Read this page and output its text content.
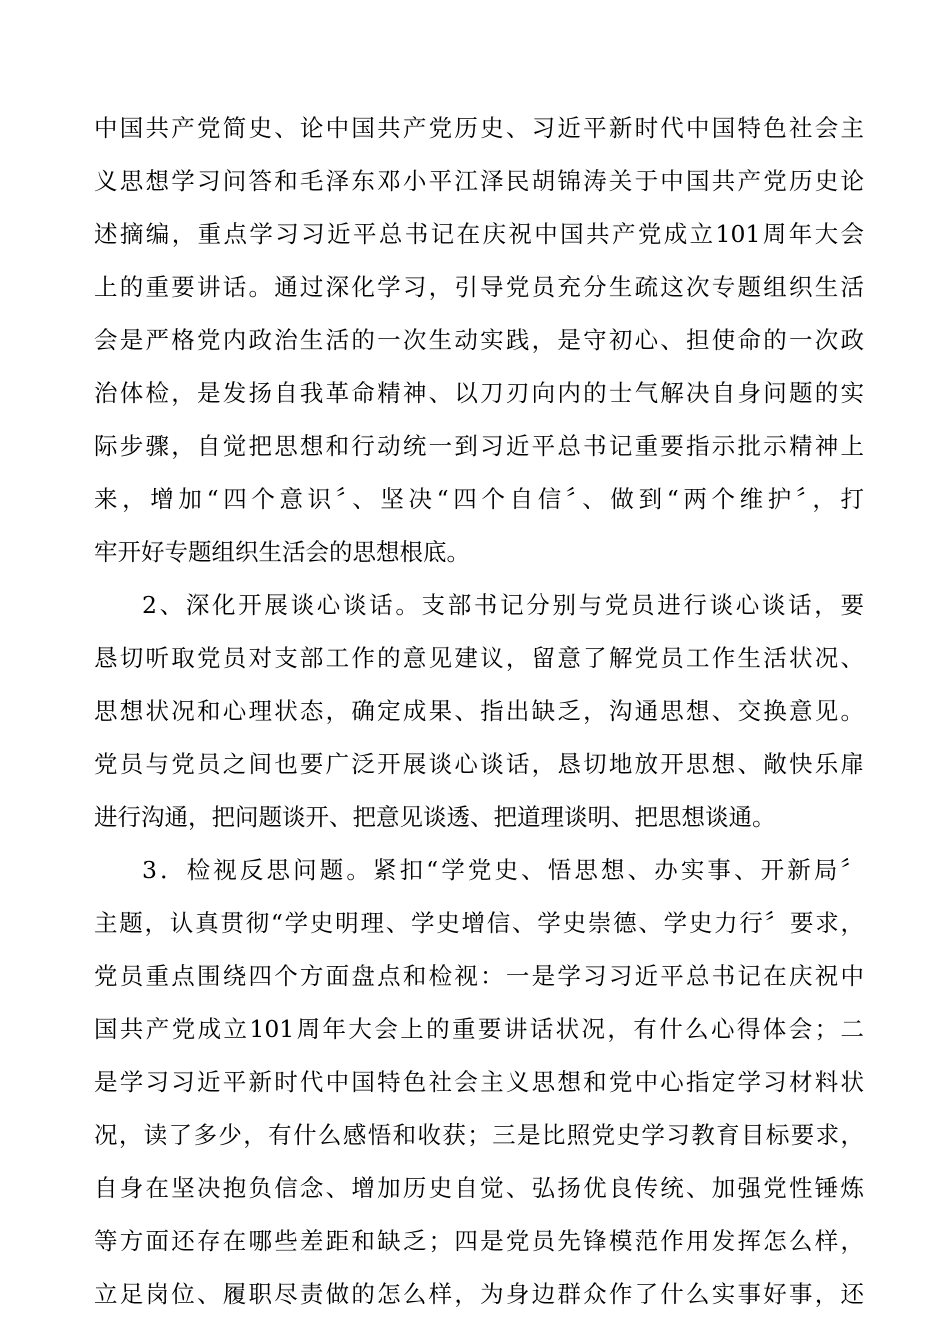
中国共产党简史、论中国共产党历史、习近平新时代中国特色社会主
义思想学习问答和毛泽东邓小平江泽民胡锦涛关于中国共产党历史论
述摘编，重点学习习近平总书记在庆祝中国共产党成立101周年大会
上的重要讲话。通过深化学习，引导党员充分生疏这次专题组织生活
会是严格党内政治生活的一次生动实践，是守初心、担使命的一次政
治体检，是发扬自我革命精神、以刀刃向内的士气解决自身问题的实
际步骤，自觉把思想和行动统一到习近平总书记重要指示批示精神上
来，增加“四个意识〞、坚决“四个自信〞、做到“两个维护〞，打
牢开好专题组织生活会的思想根底。
2、深化开展谈心谈话。支部书记分别与党员进行谈心谈话，要
恳切听取党员对支部工作的意见建议，留意了解党员工作生活状况、
思想状况和心理状态，确定成果、指出缺乏，沟通思想、交换意见。
党员与党员之间也要广泛开展谈心谈话，恳切地放开思想、敞快乐扉
进行沟通，把问题谈开、把意见谈透、把道理谈明、把思想谈通。
3．检视反思问题。紧扣“学党史、悟思想、办实事、开新局〞
主题，认真贯彻“学史明理、学史增信、学史崇德、学史力行〞要求，
党员重点围绕四个方面盘点和检视：一是学习习近平总书记在庆祝中
国共产党成立101周年大会上的重要讲话状况，有什么心得体会；二
是学习习近平新时代中国特色社会主义思想和党中心指定学习材料状
况，读了多少，有什么感悟和收获；三是比照党史学习教育目标要求，
自身在坚决抱负信念、增加历史自觉、弘扬优良传统、加强党性锤炼
等方面还存在哪些差距和缺乏；四是党员先锋模范作用发挥怎么样，
立足岗位、履职尽责做的怎么样，为身边群众作了什么实事好事，还
